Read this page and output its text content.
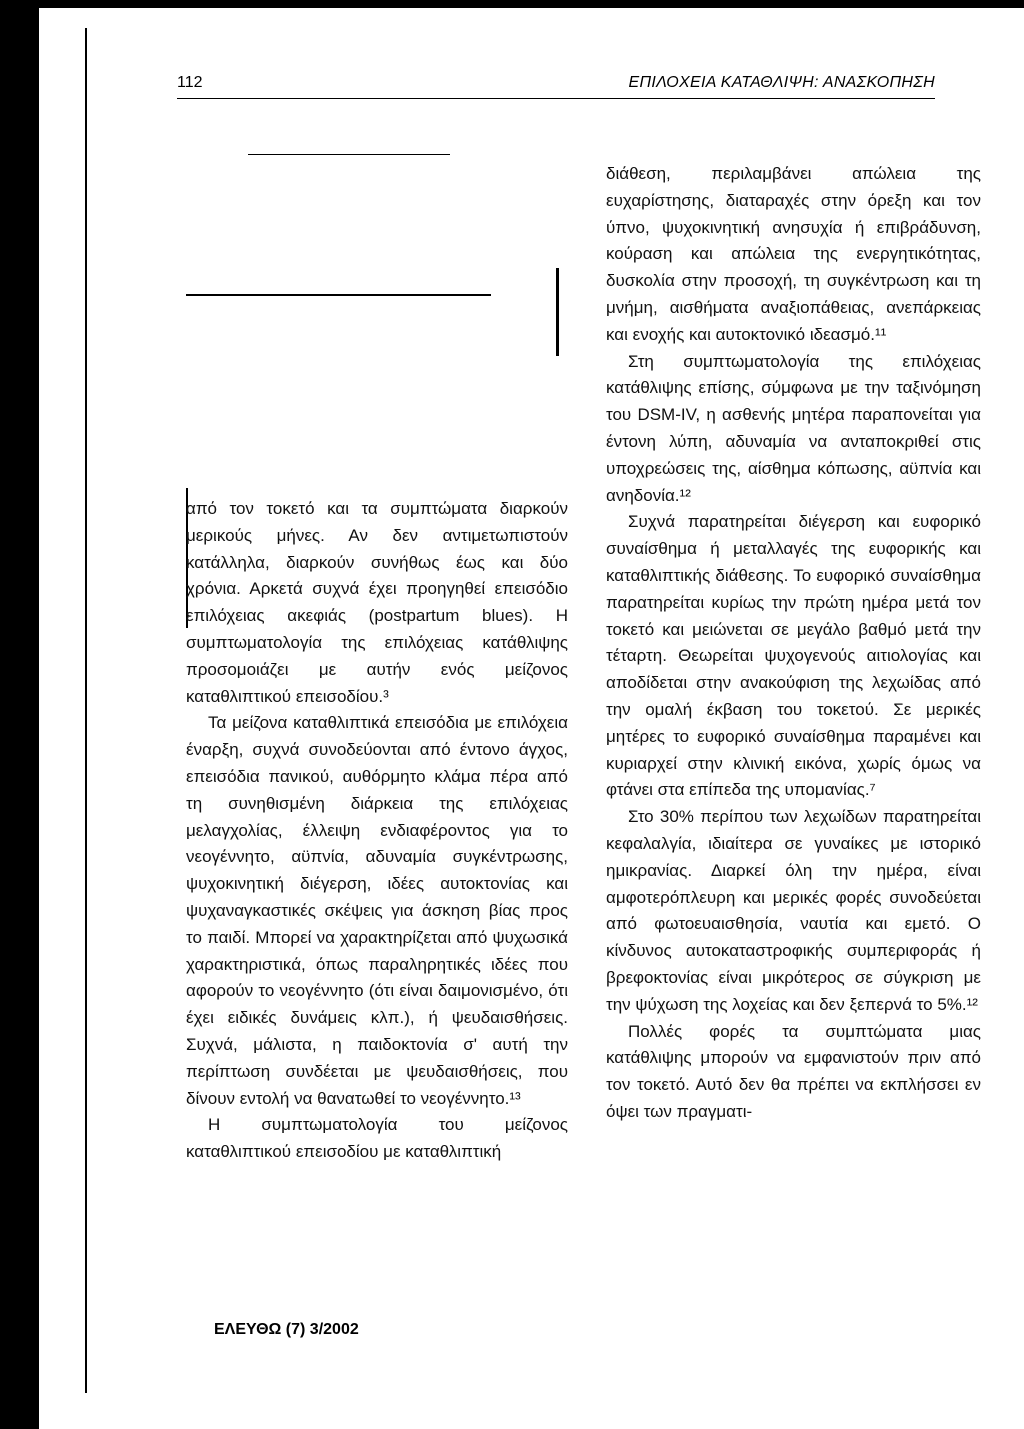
112	ΕΠΙΛΟΧΕΙΑ ΚΑΤΑΘΛΙΨΗ: ΑΝΑΣΚΟΠΗΣΗ

από τον τοκετό και τα συμπτώματα διαρκούν μερικούς μήνες. Αν δεν αντιμετωπιστούν κατάλληλα, διαρκούν συνήθως έως και δύο χρόνια. Αρκετά συχνά έχει προηγηθεί επεισόδιο επιλόχειας ακεφιάς (postpartum blues). Η συμπτωματολογία της επιλόχειας κατάθλιψης προσομοιάζει με αυτήν ενός μείζονος καταθλιπτικού επεισοδίου.³

Τα μείζονα καταθλιπτικά επεισόδια με επιλόχεια έναρξη, συχνά συνοδεύονται από έντονο άγχος, επεισόδια πανικού, αυθόρμητο κλάμα πέρα από τη συνηθισμένη διάρκεια της επιλόχειας μελαγχολίας, έλλειψη ενδιαφέροντος για το νεογέννητο, αϋπνία, αδυναμία συγκέντρωσης, ψυχοκινητική διέγερση, ιδέες αυτοκτονίας και ψυχαναγκαστικές σκέψεις για άσκηση βίας προς το παιδί. Μπορεί να χαρακτηρίζεται από ψυχωσικά χαρακτηριστικά, όπως παραληρητικές ιδέες που αφορούν το νεογέννητο (ότι είναι δαιμονισμένο, ότι έχει ειδικές δυνάμεις κλπ.), ή ψευδαισθήσεις. Συχνά, μάλιστα, η παιδοκτονία σ' αυτή την περίπτωση συνδέεται με ψευδαισθήσεις, που δίνουν εντολή να θανατωθεί το νεογέννητο.¹³

Η συμπτωματολογία του μείζονος καταθλιπτικού επεισοδίου με καταθλιπτική

διάθεση, περιλαμβάνει απώλεια της ευχαρίστησης, διαταραχές στην όρεξη και τον ύπνο, ψυχοκινητική ανησυχία ή επιβράδυνση, κούραση και απώλεια της ενεργητικότητας, δυσκολία στην προσοχή, τη συγκέντρωση και τη μνήμη, αισθήματα αναξιοπάθειας, ανεπάρκειας και ενοχής και αυτοκτονικό ιδεασμό.¹¹

Στη συμπτωματολογία της επιλόχειας κατάθλιψης επίσης, σύμφωνα με την ταξινόμηση του DSM-IV, η ασθενής μητέρα παραπονείται για έντονη λύπη, αδυναμία να ανταποκριθεί στις υποχρεώσεις της, αίσθημα κόπωσης, αϋπνία και ανηδονία.¹²

Συχνά παρατηρείται διέγερση και ευφορικό συναίσθημα ή μεταλλαγές της ευφορικής και καταθλιπτικής διάθεσης. Το ευφορικό συναίσθημα παρατηρείται κυρίως την πρώτη ημέρα μετά τον τοκετό και μειώνεται σε μεγάλο βαθμό μετά την τέταρτη. Θεωρείται ψυχογενούς αιτιολογίας και αποδίδεται στην ανακούφιση της λεχωίδας από την ομαλή έκβαση του τοκετού. Σε μερικές μητέρες το ευφορικό συναίσθημα παραμένει και κυριαρχεί στην κλινική εικόνα, χωρίς όμως να φτάνει στα επίπεδα της υπομανίας.⁷

Στο 30% περίπου των λεχωίδων παρατηρείται κεφαλαλγία, ιδιαίτερα σε γυναίκες με ιστορικό ημικρανίας. Διαρκεί όλη την ημέρα, είναι αμφοτερόπλευρη και μερικές φορές συνοδεύεται από φωτοευαισθησία, ναυτία και εμετό. Ο κίνδυνος αυτοκαταστροφικής συμπεριφοράς ή βρεφοκτονίας είναι μικρότερος σε σύγκριση με την ψύχωση της λοχείας και δεν ξεπερνά το 5%.¹²

Πολλές φορές τα συμπτώματα μιας κατάθλιψης μπορούν να εμφανιστούν πριν από τον τοκετό. Αυτό δεν θα πρέπει να εκπλήσσει εν όψει των πραγματι-

ΕΛΕΥΘΩ (7) 3/2002
